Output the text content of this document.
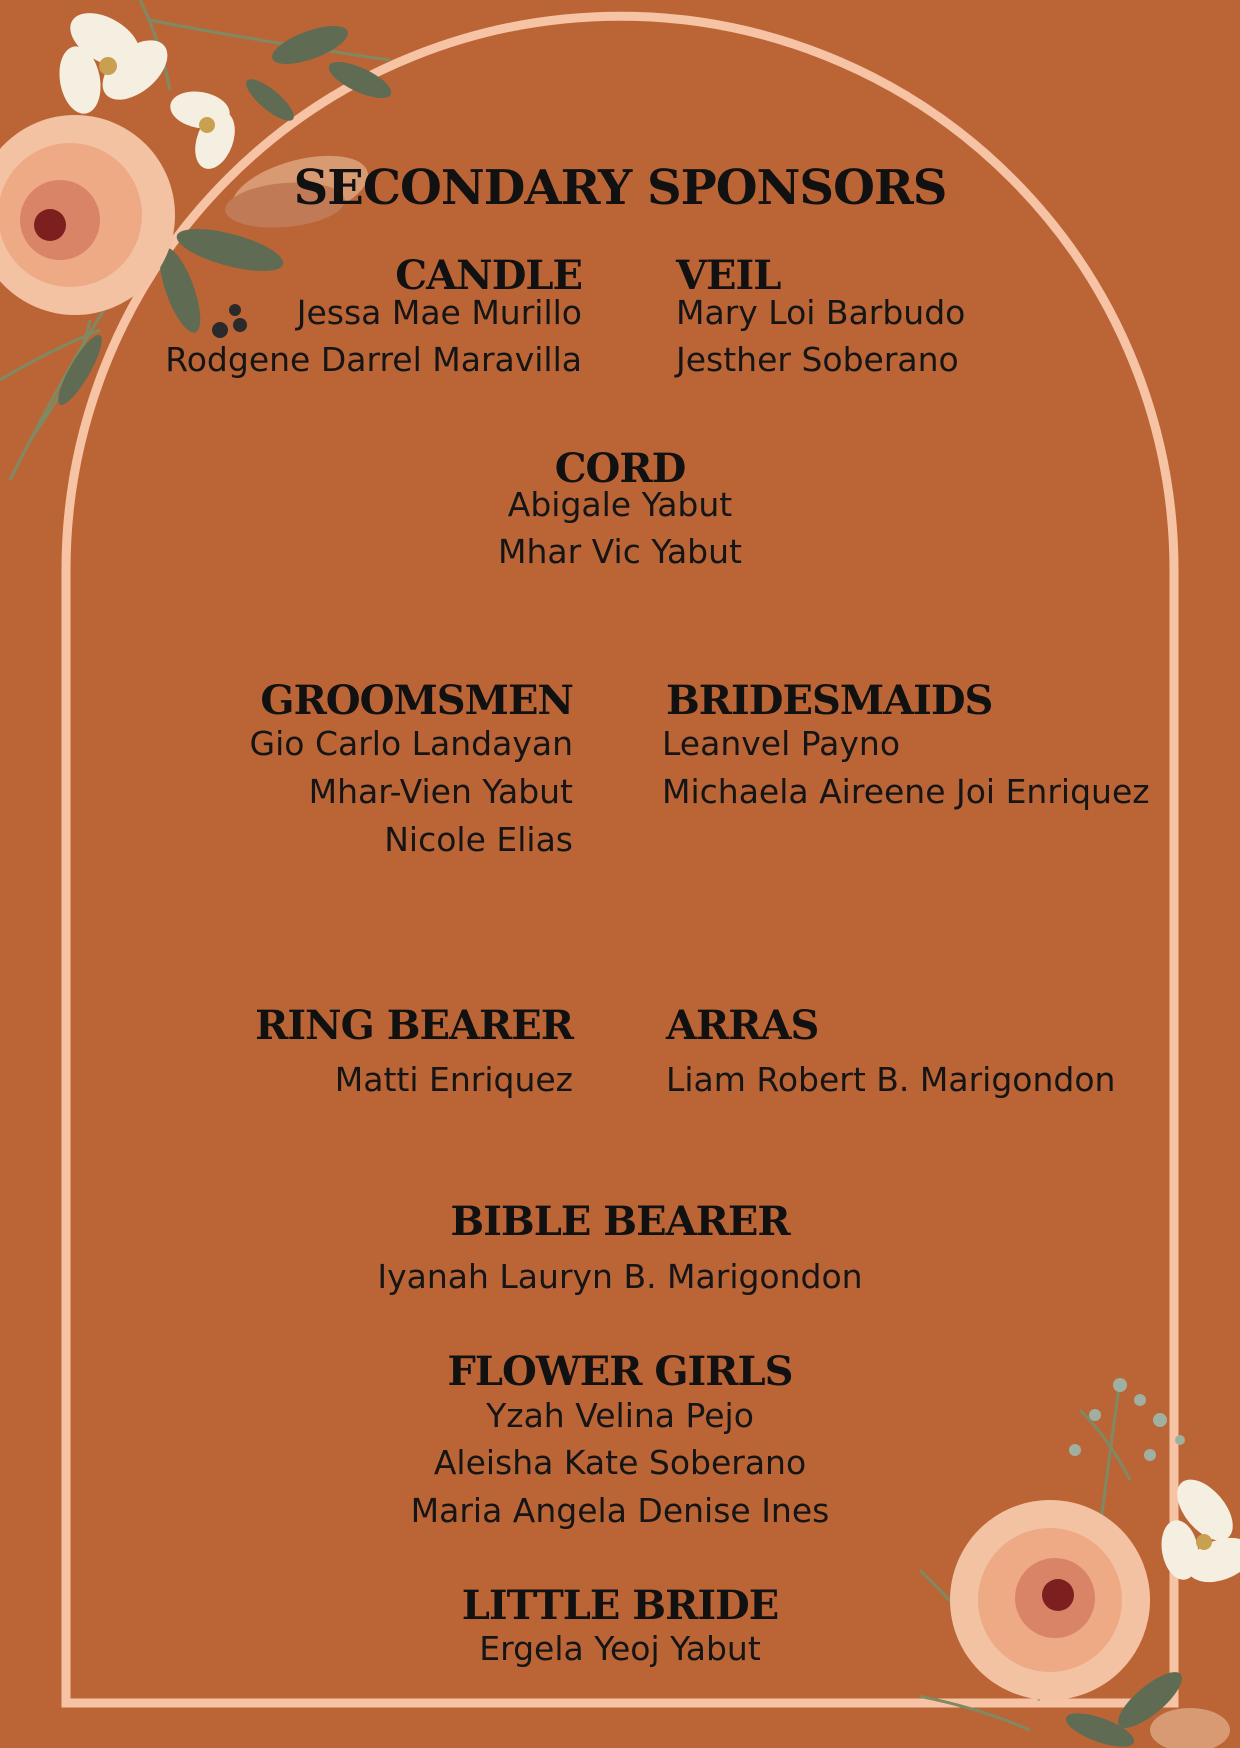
SECONDARY SPONSORS
CANDLE
Jessa Mae Murillo
Rodgene Darrel Maravilla
VEIL
Mary Loi Barbudo
Jesther Soberano
CORD
Abigale Yabut
Mhar Vic Yabut
GROOMSMEN
Gio Carlo Landayan
Mhar-Vien Yabut
Nicole Elias
BRIDESMAIDS
Leanvel Payno
Michaela Aireene Joi Enriquez
RING BEARER
Matti Enriquez
ARRAS
Liam Robert B. Marigondon
BIBLE BEARER
Iyanah Lauryn B. Marigondon
FLOWER GIRLS
Yzah Velina Pejo
Aleisha Kate Soberano
Maria Angela Denise Ines
LITTLE BRIDE
Ergela Yeoj Yabut
